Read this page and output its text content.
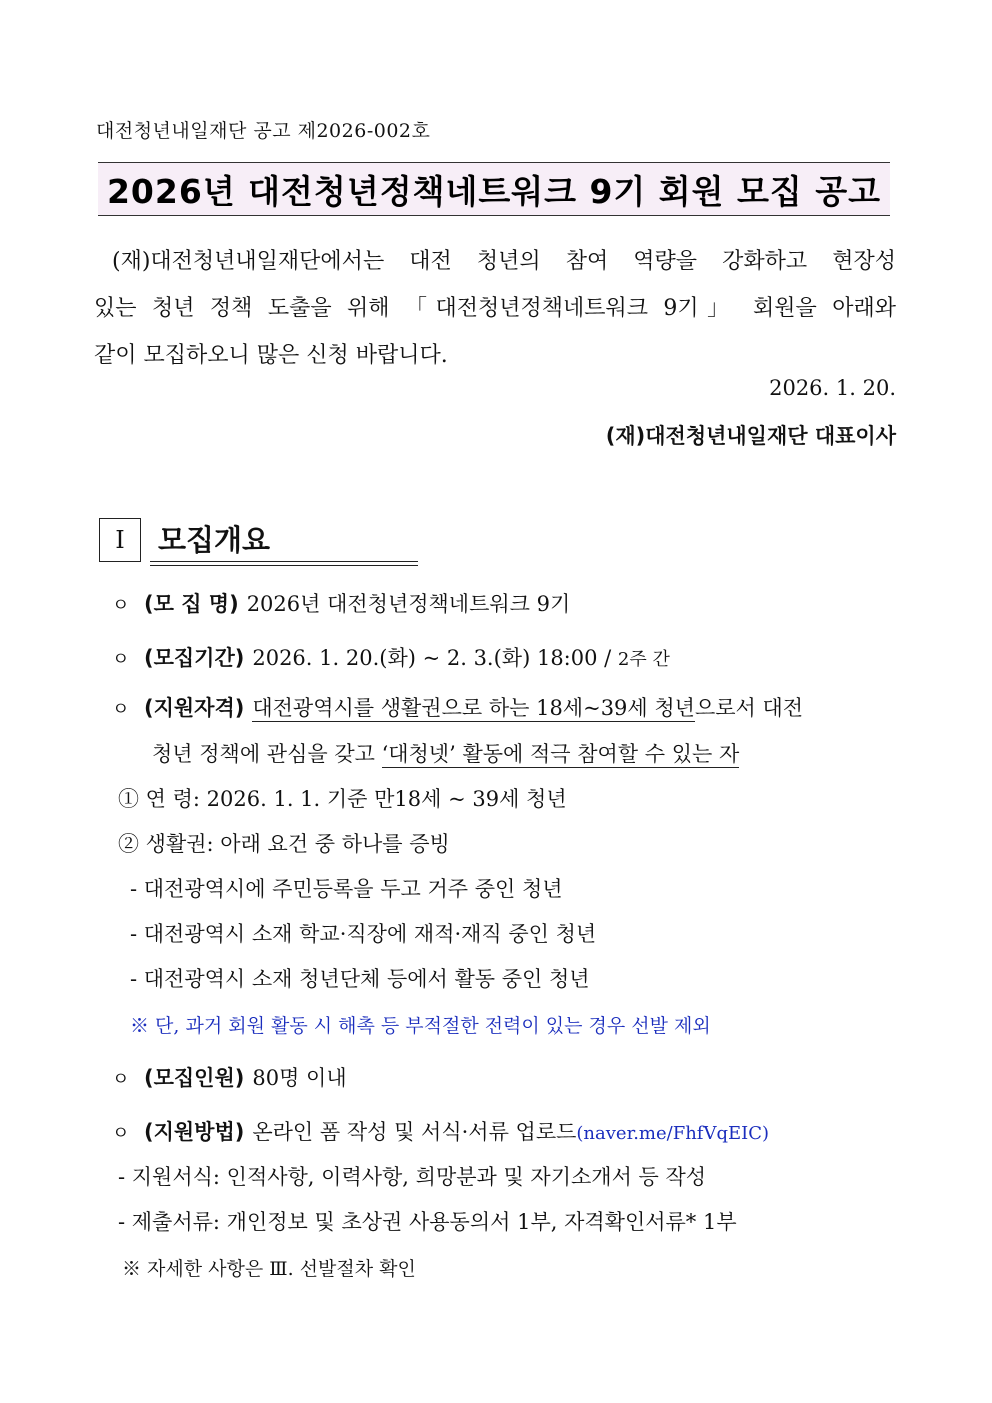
대전청년내일재단 공고 제2026-002호
2026년 대전청년정책네트워크 9기 회원 모집 공고

(재)대전청년내일재단에서는 대전 청년의 참여 역량을 강화하고 현장성

있는 청년 정책 도출을 위해 「대전청년정책네트워크 9기」 회원을 아래와

같이 모집하오니 많은 신청 바랍니다.

2026. 1. 20.
(재)대전청년내일재단 대표이사
I	모집개요
ㅇ (모 집 명) 2026년 대전청년정책네트워크 9기
ㅇ (모집기간) 2026. 1. 20.(화) ~ 2. 3.(화) 18:00 / 2주 간
ㅇ (지원자격) 대전광역시를 생활권으로 하는 18세~39세 청년으로서 대전
청년 정책에 관심을 갖고 ‘대청넷’ 활동에 적극 참여할 수 있는 자
① 연 령: 2026. 1. 1. 기준 만18세 ~ 39세 청년
② 생활권: 아래 요건 중 하나를 증빙
- 대전광역시에 주민등록을 두고 거주 중인 청년
- 대전광역시 소재 학교·직장에 재적·재직 중인 청년
- 대전광역시 소재 청년단체 등에서 활동 중인 청년
※ 단, 과거 회원 활동 시 해촉 등 부적절한 전력이 있는 경우 선발 제외
ㅇ (모집인원) 80명 이내
ㅇ (지원방법) 온라인 폼 작성 및 서식·서류 업로드(naver.me/FhfVqEIC)
- 지원서식: 인적사항, 이력사항, 희망분과 및 자기소개서 등 작성
- 제출서류: 개인정보 및 초상권 사용동의서 1부, 자격확인서류* 1부
※ 자세한 사항은 Ⅲ. 선발절차 확인
